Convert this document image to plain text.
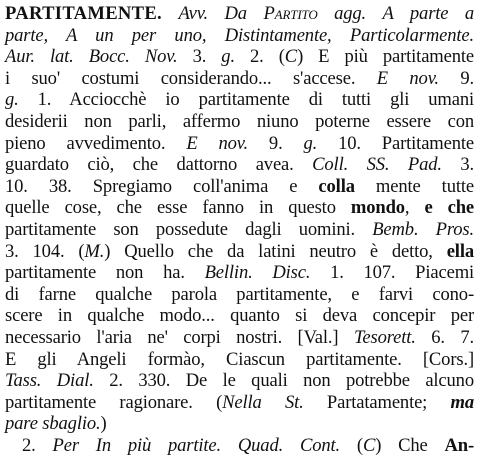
PARTITAMENTE. Avv. Da Partito agg. A parte a
parte, A un per uno, Distintamente, Particolarmente.
Aur. lat. Bocc. Nov. 3. g. 2. (C) E più partitamente
i suo' costumi considerando... s'accese. E nov. 9.
g. 1. Acciocchè io partitamente di tutti gli umani
desiderii non parli, affermo niuno poterne essere con
pieno avvedimento. E nov. 9. g. 10. Partitamente
guardato ciò, che dattorno avea. Coll. SS. Pad. 3.
10. 38. Spregiamo coll'anima e colla mente tutte
quelle cose, che esse fanno in questo mondo, e che
partitamente son possedute dagli uomini. Bemb. Pros.
3. 104. (M.) Quello che da latini neutro è detto, ella
partitamente non ha. Bellin. Disc. 1. 107. Piacemi
di farne qualche parola partitamente, e farvi cono-
scere in qualche modo... quanto si deva concepir per
necessario l'aria ne' corpi nostri. [Val.] Tesorett. 6. 7.
E gli Angeli formào, Ciascun partitamente. [Cors.]
Tass. Dial. 2. 330. De le quali non potrebbe alcuno
partitamente ragionare. (Nella St. Partatamente; ma
pare sbaglio.)
2. Per In più partite. Quad. Cont. (C) Che An-
